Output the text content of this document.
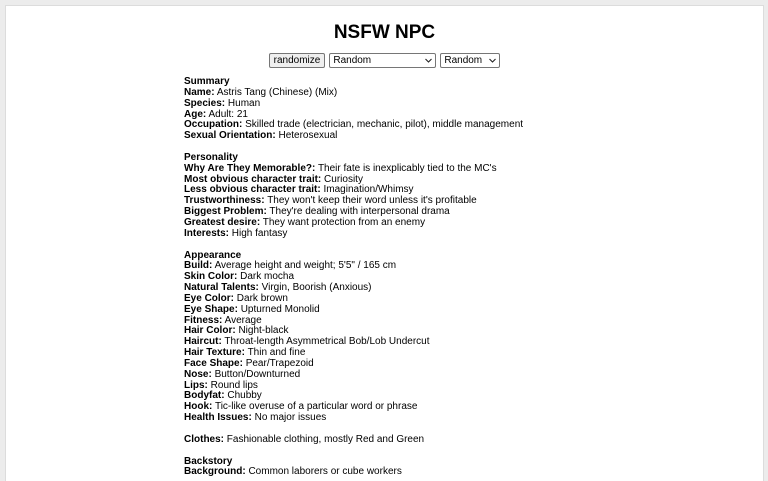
NSFW NPC
randomize Random	Random
Summary
Name: Astris Tang (Chinese) (Mix)
Species: Human
Age: Adult: 21
Occupation: Skilled trade (electrician, mechanic, pilot), middle management
Sexual Orientation: Heterosexual
Personality
Why Are They Memorable?: Their fate is inexplicably tied to the MC's
Most obvious character trait: Curiosity
Less obvious character trait: Imagination/Whimsy
Trustworthiness: They won't keep their word unless it's profitable
Biggest Problem: They're dealing with interpersonal drama
Greatest desire: They want protection from an enemy
Interests: High fantasy
Appearance
Build: Average height and weight; 5'5" / 165 cm
Skin Color: Dark mocha
Natural Talents: Virgin, Boorish (Anxious)
Eye Color: Dark brown
Eye Shape: Upturned Monolid
Fitness: Average
Hair Color: Night-black
Haircut: Throat-length Asymmetrical Bob/Lob Undercut
Hair Texture: Thin and fine
Face Shape: Pear/Trapezoid
Nose: Button/Downturned
Lips: Round lips
Bodyfat: Chubby
Hook: Tic-like overuse of a particular word or phrase
Health Issues: No major issues
Clothes: Fashionable clothing, mostly Red and Green
Backstory
Background: Common laborers or cube workers
